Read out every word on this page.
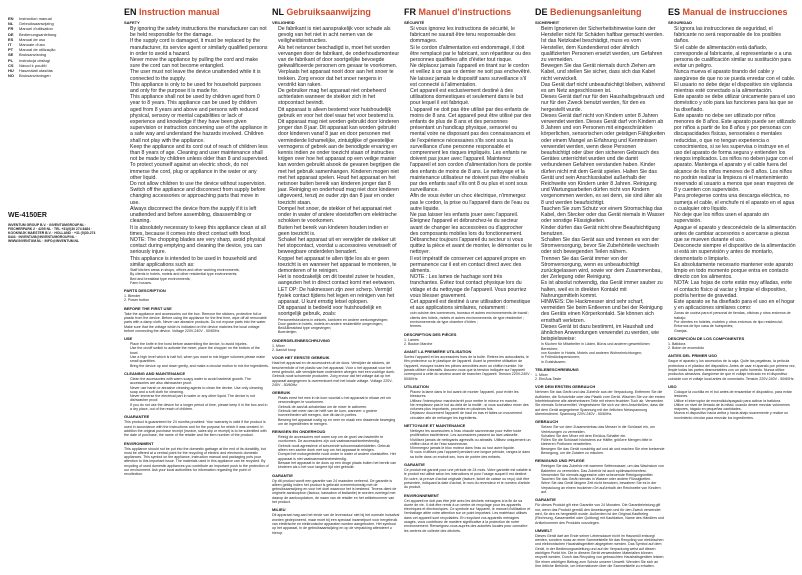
EN	Instruction manual
NL	Gebruiksaanwijzing
FR	Manuel d'utilisation
DE	Bedienungsanleitung
ES	Manual de uso
IT	Manuale d'uso
PT	Manual de utilização
SE	Bruksanvisning
PL	Instrukcja obsługi
CS	Návod k použití
HU	Használati utasítás
NO	Bruksanvisningen
WE-4150ER
INVENTUM GROUP B.V. · INVENTUMGROUP.NL · FISCHERPARK 2 · 4205 NL · TEL +31(0)30 274 8484 · KOOKWIJK MAESTER B.V. · HOLLAND · +31 (0)30-274 8444 · INVENTUM@INVENTUMGROUP.NL · WWW.INVENTUM.NL · INFO@INVENTUM.NL
EN Instruction manual
SAFETY
• By ignoring the safety instructions the manufacturer can not be held responsible for the damage.
• If the supply cord is damaged, it must be replaced by the manufacturer, its service agent or similarly qualified persons in order to avoid a hazard.
• Never move the appliance by pulling the cord and make sure the cord can not become entangled.
• The user must not leave the device unattended while it is connected to the supply.
• This appliance is only to be used for household purposes and only for the purpose it is made for.
• This appliance shall not be used by children aged from 0 year to 8 years. This appliance can be used by children aged from 8 years and above and persons with reduced physical, sensory or mental capabilities or lack of experience and knowledge if they have been given supervision or instruction concerning use of the appliance in a safe way and understand the hazards involved. Children shall not play with the appliance.
• Keep the appliance and its cord out of reach of children less than 8 years of age. Cleaning and user maintenance shall not be made by children unless older than 8 and supervised.
• To protect yourself against an electric shock, do not immerse the cord, plug or appliance in the water or any other liquid.
• Do not allow children to use the device without supervision.
• Switch off the appliance and disconnect from supply before changing accessories or approaching parts that move in use.
• Always disconnect the device from the supply if it is left unattended and before assembling, disassembling or cleaning.
• It is absolutely necessary to keep this appliance clean at all times, because it comes into direct contact with food.
• NOTE: The chopping blades are very sharp, avoid physical contact during emptying and cleaning the device, you can seriously injure.
• This appliance is intended to be used in household and similar applications such as:
• Staff kitchen areas in shops, offices and other working environments;
• By clients in hotels, motels and other residential type environments;
• Bed and breakfast type environments;
• Farm houses.
PARTS DESCRIPTION
1. Blender
2. Power button
BEFORE THE FIRST USE

Take the appliance and accessories out the box. Remove the stickers, protective foil or plastic from the device. Before using the appliance for the first time, wipe off all removable parts with a damp cloth. Never use abrasive products. Do not expose parts into the water. Make sure that the voltage which is indicated on the device matches the local voltage before connecting the device. Voltage 220V-240V - 50/60Hz.

USE
• Place the knife in the bowl before assembling the device, to avoid injuries.
• Use the on/off switch to activate the mixer, place the chopper on the bottom of the bowl.
• Use a high level which is half full, when you want to mix bigger volumes please make small quantities.
• Bring the device up and down gently, and make a circular motion to mix the ingredients.
CLEANING AND MAINTENANCE
• Clean the accessories with warm soapy water to avoid bacterial growth. The accessories are also dishwasher proof.
• Never use harsh or abrasive cleaning agents to clean the device. Use only cleaning soap and a soft cloth for cleaning.
• Never immerse the electrical part in water or any other liquid. The device is not dishwasher proof.
• If you do not use the device for a longer period of time, please keep it in the box and in a dry place, out of the reach of children.
GUARANTEE

This product is guaranteed for 24 months provided: Your warranty is valid if the product is used in accordance with the instructions and for the purpose for which it was created. In addition the original purchase receipt (invoice, sales slip or receipt) is to be submitted with the date of purchase, the name of the retailer and the item number of the product.

ENVIRONMENT

This appliance should not be put into the domestic garbage at the end of its durability, but must be offered at a central point for the recycling of electric and electronic domestic appliances. This symbol on the appliance, instruction manual and packaging puts your attention to this important issue. The materials used in this appliance can be recycled. By recycling of used domestic appliances you contribute an important push to the protection of our environment. Ask your local authorities for information regarding the point of recollection.

NL Gebruiksaanwijzing
VEILIGHEID
• De fabrikant is niet aansprakelijk voor schade als gevolg van het niet in acht nemen van de veiligheidsinstructies.
• Als het netsnoer beschadigd is, moet het worden vervangen door de fabrikant, de onderhoudsmonteur van de fabrikant of door soortgelijke bevoegde gekwalificeerde personen om gevaar te voorkomen.
• Verplaats het apparaat nooit door aan het snoer te trekken. Zorg ervoor dat het snoer nergens in verstrikt kan raken.
• De gebruiker mag het apparaat niet onbeheerd achterlaten wanneer de stekker zich in het stopcontact bevindt.
• Dit apparaat is alleen bestemd voor huishoudelijk gebruik en voor het doel waar het voor bestemd is.
• Dit apparaat mag niet worden gebruikt door kinderen jonger dan 8 jaar. Dit apparaat kan worden gebruikt door kinderen vanaf 8 jaar en door personen met verminderde lichamelijke, zintuiglijke of geestelijke vermogens of gebrek aan de benodigde ervaring en kennis indien ze onder toezicht staan of instructies krijgen over hoe het apparaat op een veilige manier kan worden gebruikt alsook de gevaren begrijpen die met het gebruik samenhangen. Kinderen mogen niet met het apparaat spelen. Houd het apparaat en het netsnoer buiten bereik van kinderen jonger dan 8 jaar. Reiniging en onderhoud mag niet door kinderen uitgevoerd, tenzij ze ouder zijn dan 8 jaar en onder toezicht staan.
• Dompel het snoer, de stekker of het apparaat niet onder in water of andere vloeistoffen om elektrische schokken te voorkomen.
• Buiten het bereik van kinderen houden indien er geen toezicht is.
• Schakel het apparaat uit en verwijder de stekker uit het stopcontact, voordat u accessoires verwisselt of beweegbare onderdelen benadert.
• Koppel het apparaat te allen tijde los als er geen toezicht is en wanneer het apparaat te monteren, te demonteren of te reinigen.
• Het is noodzakelijk om dit toestel zuiver te houden, aangezien het in direct contact komt met eetwaren.
• LET OP: De hakmessen zijn zeer scherp. Vermijd fysiek contact tijdens het legen en reinigen van het apparaat. U kunt ernstig letsel oplopen.
• Dit apparaat is bedoeld voor huishoudelijk en soortgelijk gebruik, zoals:
• Personeelskeukens in winkels, kantoren en andere werkomgevingen;
• Door gasten in hotels, motels en andere residentiële omgevingen;
• Bed&Breakfast type omgevingen;
• Boerderijen.
ONDERDELENBESCHRIJVING
1. Mixer
2. Aan/uit knop
VOOR HET EERSTE GEBRUIK

Haal het apparaat en de accessoires uit de doos. Verwijder de stickers, de beschermfolie of het plastic van het apparaat. Vóór u het apparaat voor het eerst gebruikt, alle verwijderbare onderdelen afvegen met een vochtige doek. Gebruik nooit schurende producten. Zorg ervoor dat het voltage dat op het apparaat aangegeven is overeenkomt met het lokale voltage. Voltage 220V-240V - 50/60Hz.

GEBRUIK
• Plaats eerst het mes in de kom voordat u het apparaat in elkaar zet om verwondingen te voorkomen.
• Gebruik de aan/uit-schakelaar om de mixer te activeren.
• Gebruik niet meer dan de helft van de kom, wanneer u grotere hoeveelheden wilt mengen, doe dit dan in porties.
• Beweeg het apparaat rustig op en neer en maak een draaiende beweging om de ingrediënten te mengen.
REINIGEN EN ONDERHOUD
• Reinig de accessoires met warm sop om de groei van bacteriën te voorkomen. De accessoires zijn ook vaatwasmachinebestendig.
• Gebruik nooit agressieve of schurende schoonmaakmiddelen. Gebruik alleen een zachte doek met sop om het apparaat te reinigen.
• Dompel het motorgedeelte nooit onder in water of andere vloeistoffen. Het apparaat is niet vaatwasmachinebestendig.
• Bewaar het apparaat in de doos op een droge plaats buiten het bereik van kinderen als u het voor langere tijd niet gebruikt.
GARANTIE

Op dit product wordt een garantie van 24 maanden verleend. De garantie is alleen geldig indien het product is gebruikt overeenkomstig met de gebruiksaanwijzing en voor het doel waarvoor het is bestemd. Tevens dient de originele aankoopbon (factuur, kassabon of kwitantie) te worden overlegd met daarop de aankoopdatum, de naam van de retailer en het artikelnummer van het product.

MILIEU

Dit apparaat mag aan het einde van de levensduur niet bij het normale huisafval worden gedeponeerd, maar moet bij een speciaal inzamelpunt voor hergebruik van elektrische en elektronische apparaten worden aangeboden. Het symbool op het apparaat, in de gebruiksaanwijzing en op de verpakking attendeert u hierop.

FR Manuel d'instructions
SÉCURITÉ
• Si vous ignorez les instructions de sécurité, le fabricant ne saurait être tenu responsable des dommages.
• Si le cordon d'alimentation est endommagé, il doit être remplacé par le fabricant, son répartiteur ou des personnes qualifiées afin d'éviter tout risque.
• Ne déplacez jamais l'appareil en tirant sur le cordon et veillez à ce que ce dernier ne soit pas enchevêtré.
• Ne laissez jamais le dispositif sans surveillance s'il est connecté à l'alimentation.
• Cet appareil est exclusivement destiné à des utilisations domestiques et seulement dans le but pour lequel il est fabriqué.
• L'appareil ne doit pas être utilisé par des enfants de moins de 8 ans. Cet appareil peut être utilisé par des enfants de plus de 8 ans et des personnes présentant un handicap physique, sensoriel ou mental voire ne disposant pas des connaissances et de l'expérience nécessaires s'ils sont sous la surveillance d'une personne responsable et comprennent les risques impliqués. Les enfants ne doivent pas jouer avec l'appareil. Maintenez l'appareil et son cordon d'alimentation hors de portée des enfants de moins de 8 ans. Le nettoyage et la maintenance utilisateur ne doivent pas être réalisés par des enfants sauf s'ils ont 8 ou plus et sont sous surveillance.
• Afin de vous éviter un choc électrique, n'immergez pas le cordon, la prise ou l'appareil dans de l'eau ou autre liquide.
• Ne pas laisser les enfants jouer avec l'appareil.
• Éteignez l'appareil et débranchez-le du secteur avant de changer les accessoires ou d'approcher des composants mobiles lors du fonctionnement.
• Débranchez toujours l'appareil du secteur si vous quittez la pièce et avant de monter, le démonter ou le nettoyer.
• Il est impératif de conserver cet appareil propre en permanence car il est en contact direct avec des aliments.
• NOTE : Les lames de hachage sont très tranchantes. Évitez tout contact physique lors du vidage et du nettoyage de l'appareil. Vous pourriez vous blesser gravement.
• Cet appareil est destiné à une utilisation domestique et aux applications similaires, notamment :
• coin cuisine des commerces, bureaux et autres environnements de travail ;
• clients des hôtels, motels et autres environnements de type résidentiel ;
• environnements de type chambre d'hôtes ;
• fermes.
DESCRIPTION DES PIÈCES
1. Lames
2. Bouton Marche
AVANT LA PREMIÈRE UTILISATION

Sortez l'appareil et les accessoires hors de la boîte. Retirez les autocollants, le film protecteur ou le plastique de l'appareil. Avant la première utilisation de l'appareil, essuyez toutes les pièces amovibles avec un chiffon humide. Ne jamais utiliser d'abrasifs. Assurez-vous que la tension indiquée sur l'appareil correspond à celle du secteur avant de brancher l'appareil. Tension 220V-240V - 50/60Hz.

UTILISATION
• Placez la lame dans le bol avant de monter l'appareil, pour éviter les blessures.
• Utilisez l'interrupteur marche/arrêt pour mettre le mixeur en marche.
• Ne remplissez pas le bol au-delà de la moitié ; si vous souhaitez mixer des volumes plus importants, procédez en plusieurs fois.
• Déplacez doucement l'appareil de haut en bas et faites un mouvement circulaire afin de mélanger les ingrédients.
NETTOYAGE ET MAINTENANCE
• Nettoyez les accessoires à l'eau chaude savonneuse pour éviter toute prolifération bactérienne. Les accessoires passent au lave-vaisselle.
• N'utilisez jamais de nettoyants agressifs ou abrasifs. Utilisez uniquement un chiffon doux et de l'eau savonneuse.
• N'immergez jamais le bloc moteur dans l'eau ou tout autre liquide.
• Si vous n'utilisez pas l'appareil pendant une longue période, rangez-le dans sa boîte dans un endroit sec, hors de portée des enfants.
GARANTIE

Ce produit est garanti pour une période de 24 mois. Votre garantie est valable si le produit est utilisé selon les instructions et pour l'usage auquel il est destiné. En outre, la preuve d'achat originale (facture, ticket de caisse ou reçu) doit être présentée, indiquant la date d'achat, le nom du revendeur et le numéro d'article du produit.

ENVIRONNEMENT

Cet appareil ne doit pas être jeté avec les déchets ménagers à la fin de sa durée de vie. Il doit être remis à un centre de recyclage pour les appareils électriques et électroniques. Ce symbole sur l'appareil, le manuel d'utilisation et l'emballage attire votre attention sur ce point important. Les matériaux utilisés dans cet appareil sont recyclables. En recyclant vos appareils ménagers usagés, vous contribuez de manière significative à la protection de notre environnement. Renseignez-vous auprès des autorités locales pour connaître les centres de collecte des déchets.

DE Bedienungsanleitung
SICHERHEIT
• Beim Ignorieren der Sicherheitshinweise kann der Hersteller nicht für Schäden haftbar gemacht werden.
• Ist das Netzkabel beschädigt, muss es vom Hersteller, dem Kundendienst oder ähnlich qualifizierten Personen ersetzt werden, um Gefahren zu vermeiden.
• Bewegen Sie das Gerät niemals durch Ziehen am Kabel, und stellen Sie sicher, dass sich das Kabel nicht verwickelt.
• Das Gerät darf nicht unbeaufsichtigt bleiben, während es am Netz angeschlossen ist.
• Dieses Gerät darf nur für den Haushaltsgebrauch und nur für den Zweck benutzt werden, für den es hergestellt wurde.
• Dieses Gerät darf nicht von Kindern unter 8 Jahren verwendet werden. Dieses Gerät darf von Kindern ab 8 Jahren und von Personen mit eingeschränkten körperlichen, sensorischen oder geistigen Fähigkeiten oder einem Mangel an Erfahrung und Kenntnissen verwendet werden, wenn diese Personen beaufsichtigt oder über den sicheren Gebrauch des Gerätes unterrichtet wurden und die damit verbundenen Gefahren verstanden haben. Kinder dürfen nicht mit dem Gerät spielen. Halten Sie das Gerät und sein Anschlusskabel außerhalb der Reichweite von Kindern unter 8 Jahren. Reinigung und Wartungsarbeiten dürfen nicht von Kindern vorgenommen werden, es sei denn, sie sind älter als 8 und werden beaufsichtigt.
• Tauchen Sie zum Schutz vor einem Stromschlag das Kabel, den Stecker oder das Gerät niemals in Wasser oder sonstige Flüssigkeiten.
• Kinder dürfen das Gerät nicht ohne Beaufsichtigung benutzen.
• Schalten Sie das Gerät aus und trennen es von der Stromversorgung, bevor Sie Zubehörteile wechseln oder sich bewegenden Teilen nähern.
• Trennen Sie das Gerät immer von der Stromversorgung, wenn es unbeaufsichtigt zurückgelassen wird, sowie vor dem Zusammenbau, der Zerlegung oder Reinigung.
• Es ist absolut notwendig, das Gerät immer sauber zu halten, weil es in direkten Kontakt mit Nahrungsmitteln kommt.
• HINWEIS: Die Hackmesser sind sehr scharf, vermeiden Sie beim Entleeren und bei der Reinigung des Geräts einen Körperkontakt. Sie können sich ernsthaft verletzen.
• Dieses Gerät ist dazu bestimmt, im Haushalt und ähnlichen Anwendungen verwendet zu werden, wie beispielsweise:
• in Küchen für Mitarbeiter in Läden, Büros und anderen gewerblichen Bereichen;
• von Kunden in Hotels, Motels und anderen Wohneinrichtungen;
• in Frühstückspensionen;
• in Gutshäusern.
TEILEBESCHREIBUNG
1. Mixer
2. Ein/Aus-Taste
VOR DEM ERSTEN GEBRAUCH

Nehmen Sie das Gerät und das Zubehör aus der Verpackung. Entfernen Sie die Aufkleber, die Schutzfolie oder das Plastik vom Gerät. Wischen Sie vor der ersten Inbetriebnahme alle abnehmbaren Teile mit einem feuchten Tuch ab. Verwenden Sie niemals Scheuermittel. Vergewissern Sie sich vor dem Anschließen, dass die auf dem Gerät angegebene Spannung mit der örtlichen Netzspannung übereinstimmt. Spannung 220V-240V - 50/60Hz.

GEBRAUCH
• Setzen Sie vor dem Zusammenbau das Messer in die Schüssel ein, um Verletzungen zu vermeiden.
• Schalten Sie den Mixer mit dem Ein/Aus-Schalter ein.
• Füllen Sie die Schüssel höchstens zur Hälfte; größere Mengen bitte in kleineren Portionen verarbeiten.
• Bewegen Sie das Gerät vorsichtig auf und ab und machen Sie eine kreisende Bewegung, um die Zutaten zu mischen.
REINIGUNG UND PFLEGE
• Reinigen Sie das Zubehör mit warmem Seifenwasser, um das Wachstum von Bakterien zu vermeiden. Das Zubehör ist auch spülmaschinenfest.
• Verwenden Sie niemals aggressive oder scheuernde Reinigungsmittel.
• Tauchen Sie das Gerät niemals in Wasser oder andere Flüssigkeiten.
• Wenn Sie das Gerät längere Zeit nicht benutzen, bewahren Sie es in der Verpackung an einem trockenen Ort außerhalb der Reichweite von Kindern auf.
GARANTIE

Für dieses Produkt gilt eine Garantie von 24 Monaten. Die Garantieleistung gilt nur, wenn das Produkt gemäß den Anweisungen und für den Zweck verwendet wird, für den es hergestellt wurde. Außerdem ist der Original-Kaufbeleg (Rechnung, Kassenzettel oder Quittung) mit Kaufdatum, Name des Händlers und Artikelnummer des Produkts vorzulegen.

UMWELT

Dieses Gerät darf am Ende seiner Lebensdauer nicht im Hausmüll entsorgt werden, sondern muss an einer Sammelstelle für das Recycling von elektrischen und elektronischen Haushaltsgeräten abgegeben werden. Das Symbol auf dem Gerät, in der Bedienungsanleitung und auf der Verpackung weist auf diesen wichtigen Punkt hin. Die in diesem Gerät verwendeten Materialien können recycelt werden. Durch das Recycling von gebrauchten Haushaltsgeräten leisten Sie einen wichtigen Beitrag zum Schutz unserer Umwelt. Wenden Sie sich an Ihre örtliche Behörde, um Informationen über die Sammelstelle zu erhalten.

ES Manual de instrucciones
SEGURIDAD
• Si ignora las instrucciones de seguridad, el fabricante no será responsable de los posibles daños.
• Si el cable de alimentación está dañado, corresponde al fabricante, al representante o a una persona de cualificación similar su sustitución para evitar un peligro.
• Nunca mueva el aparato tirando del cable y asegúrese de que no se pueda enredar con el cable.
• El usuario no debe dejar el dispositivo sin vigilancia mientras esté conectado a la alimentación.
• Este aparato se debe utilizar únicamente para el uso doméstico y sólo para las funciones para las que se ha diseñado.
• Este aparato no debe ser utilizado por niños menores de 8 años. Este aparato puede ser utilizado por niños a partir de los 8 años y por personas con discapacidades físicas, sensoriales o mentales reducidas, o que no tengan experiencia o conocimientos, si se les supervisa o instruye en el uso del aparato de forma segura y entienden los riesgos implicados. Los niños no deben jugar con el aparato. Mantenga el aparato y el cable fuera del alcance de los niños menores de 8 años. Los niños no podrán realizar la limpieza ni el mantenimiento reservado al usuario a menos que sean mayores de 8 y cuenten con supervisión.
• Para protegerse contra una descarga eléctrica, no sumerja el cable, el enchufe ni el aparato en el agua o cualquier otro líquido.
• No deje que los niños usen el aparato sin supervisión.
• Apague el aparato y desconéctelo de la alimentación antes de cambiar accesorios o acercarse a piezas que se mueven durante el uso.
• Desconecte siempre el dispositivo de la alimentación si está sin supervisión y antes de montarlo, desmontarlo o limpiarlo.
• Es absolutamente necesario mantener este aparato limpio en todo momento porque entra en contacto directo con los alimentos.
• NOTA: Las hojas de corte están muy afiladas, evite el contacto físico al vaciar y limpiar el dispositivo, podría herirse de gravedad.
• Este aparato se ha diseñado para el uso en el hogar y en aplicaciones similares como:
• Zonas de cocina para el personal de tiendas, oficinas y otros entornos de trabajo;
• Por clientes en hoteles, moteles y otros entornos de tipo residencial;
• Entornos de tipo casa de huéspedes;
• Granjas.
DESCRIPCIÓN DE LOS COMPONENTES
1. Batidora
2. Botón de encendido
ANTES DEL PRIMER USO

Saque el aparato y los accesorios de la caja. Quite las pegatinas, la película protectora o el plástico del dispositivo. Antes de usar el aparato por primera vez, limpie todas las partes desmontables con un paño húmedo. Nunca utilice productos abrasivos. Asegúrese de que el voltaje indicado en el dispositivo coincide con el voltaje local antes de conectarlo. Tensión 220V-240V - 50/60Hz.

USO
• Coloque la cuchilla en el bol antes de ensamblar el dispositivo, para evitar lesiones.
• Utilice el interruptor de encendido/apagado para activar la batidora.
• Utilice un nivel de llenado de la mitad; cuando desee mezclar volúmenes mayores, hágalo en pequeñas cantidades.
• Mueva el dispositivo hacia arriba y hacia abajo suavemente y realice un movimiento circular para mezclar los ingredientes.
